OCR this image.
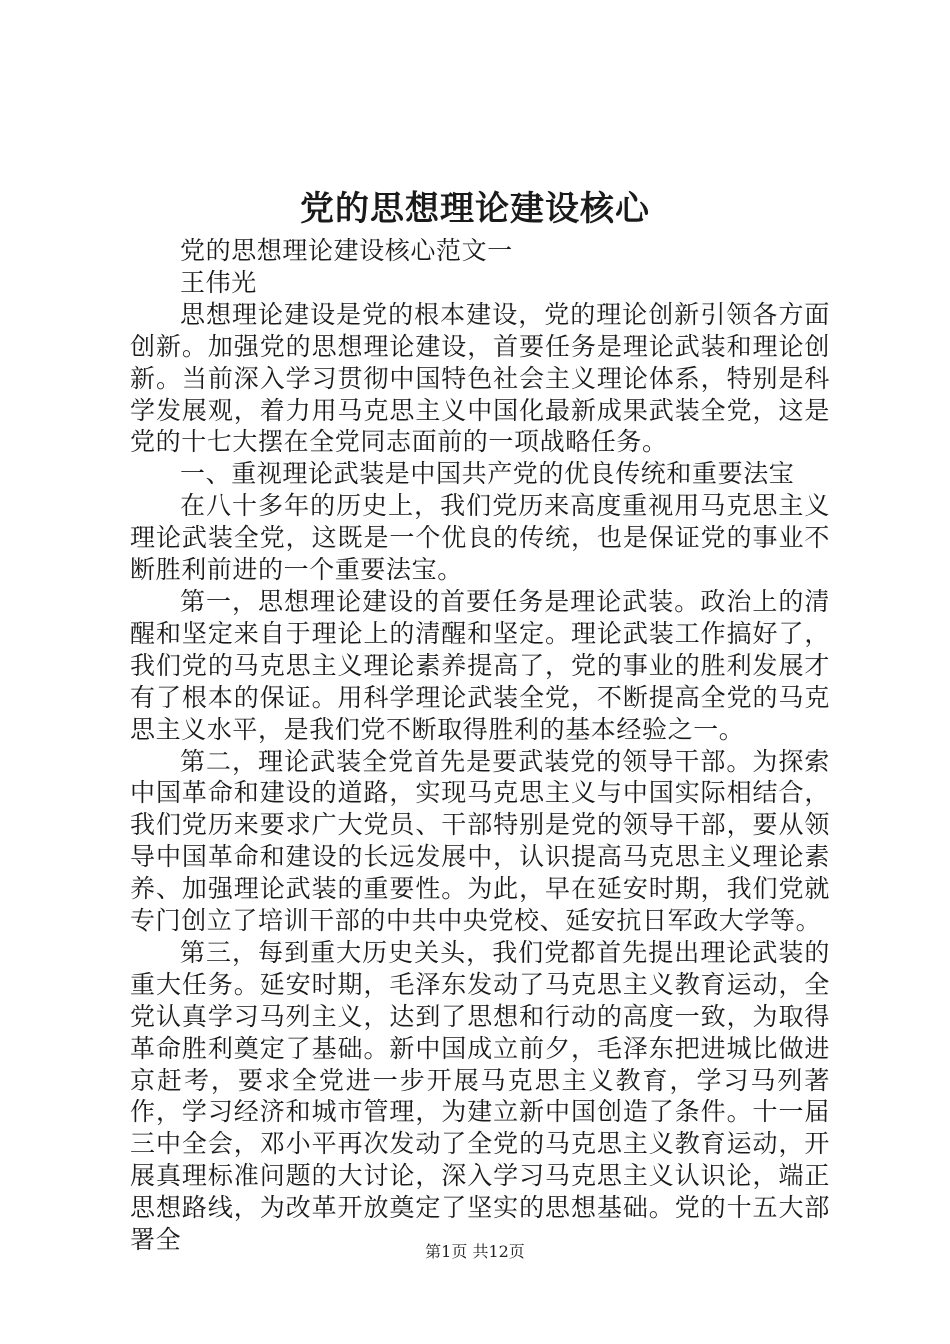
党的思想理论建设核心

党的思想理论建设核心范文一

王伟光

思想理论建设是党的根本建设，党的理论创新引领各方面创新。加强党的思想理论建设，首要任务是理论武装和理论创新。当前深入学习贯彻中国特色社会主义理论体系，特别是科学发展观，着力用马克思主义中国化最新成果武装全党，这是党的十七大摆在全党同志面前的一项战略任务。

一、重视理论武装是中国共产党的优良传统和重要法宝

在八十多年的历史上，我们党历来高度重视用马克思主义理论武装全党，这既是一个优良的传统，也是保证党的事业不断胜利前进的一个重要法宝。

第一，思想理论建设的首要任务是理论武装。政治上的清醒和坚定来自于理论上的清醒和坚定。理论武装工作搞好了，我们党的马克思主义理论素养提高了，党的事业的胜利发展才有了根本的保证。用科学理论武装全党，不断提高全党的马克思主义水平，是我们党不断取得胜利的基本经验之一。

第二，理论武装全党首先是要武装党的领导干部。为探索中国革命和建设的道路，实现马克思主义与中国实际相结合，我们党历来要求广大党员、干部特别是党的领导干部，要从领导中国革命和建设的长远发展中，认识提高马克思主义理论素养、加强理论武装的重要性。为此，早在延安时期，我们党就专门创立了培训干部的中共中央党校、延安抗日军政大学等。

第三，每到重大历史关头，我们党都首先提出理论武装的重大任务。延安时期，毛泽东发动了马克思主义教育运动，全党认真学习马列主义，达到了思想和行动的高度一致，为取得革命胜利奠定了基础。新中国成立前夕，毛泽东把进城比做进京赶考，要求全党进一步开展马克思主义教育，学习马列著作，学习经济和城市管理，为建立新中国创造了条件。十一届三中全会，邓小平再次发动了全党的马克思主义教育运动，开展真理标准问题的大讨论，深入学习马克思主义认识论，端正思想路线，为改革开放奠定了坚实的思想基础。党的十五大部署全	第1页 共12页
